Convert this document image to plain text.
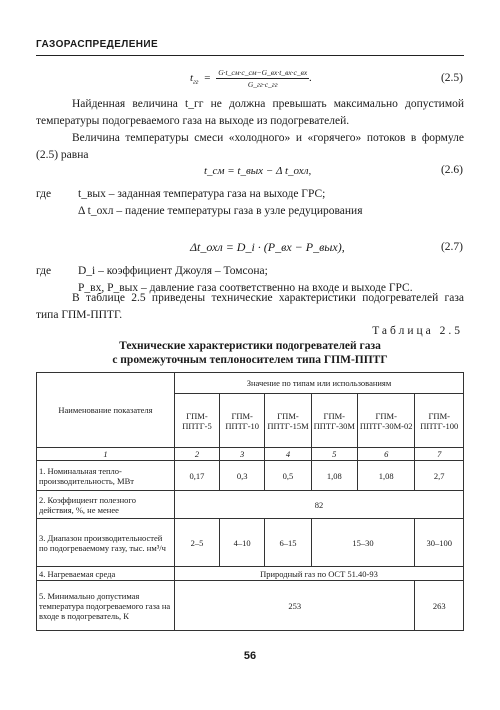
ГАЗОРАСПРЕДЕЛЕНИЕ
$t_{гг} = \frac{G\cdot t\_см\cdot c\_см-G\_вх\cdot t\_вх\cdot c\_вх}{G\_гг\cdot c\_гг}$ .	(2.5)
Найденная величина t_гг не должна превышать максимально допустимой температуры подогреваемого газа на выходе из подогревателей.
Величина температуры смеси «холодного» и «горячего» потоков в формуле (2.5) равна
t_см = t_вых − Δ t_охл,	(2.6)
где t_вых – заданная температура газа на выходе ГРС;
Δ t_охл – падение температуры газа в узле редуцирования
Δt_охл = D_i · (P_вх − P_вых),	(2.7)
где D_i – коэффициент Джоуля – Томсона;
P_вх, P_вых – давление газа соответственно на входе и выходе ГРС.
В таблице 2.5 приведены технические характеристики подогревателей газа типа ГПМ-ППТГ.
Таблица 2.5
Технические характеристики подогревателей газа
с промежуточным теплоносителем типа ГПМ-ППТГ
Наименование показателя	Значение по типам или использованиям					
	ГПМ-ППТГ-5	ГПМ-ППТГ-10	ГПМ-ППТГ-15М	ГПМ-ППТГ-30М	ГПМ-ППТГ-30М-02	ГПМ-ППТГ-100
1	2	3	4	5	6	7
1. Номинальная тепло-производительность, МВт	0,17	0,3	0,5	1,08	1,08	2,7
2. Коэффициент полезного действия, %, не менее	82					
3. Диапазон производительностей по подогреваемому газу, тыс. нм³/ч	2–5	4–10	6–15	15–30		30–100
4. Нагреваемая среда	Природный газ по ОСТ 51.40-93					
5. Минимально допустимая температура подогреваемого газа на входе в подогреватель, К	253					263
56
